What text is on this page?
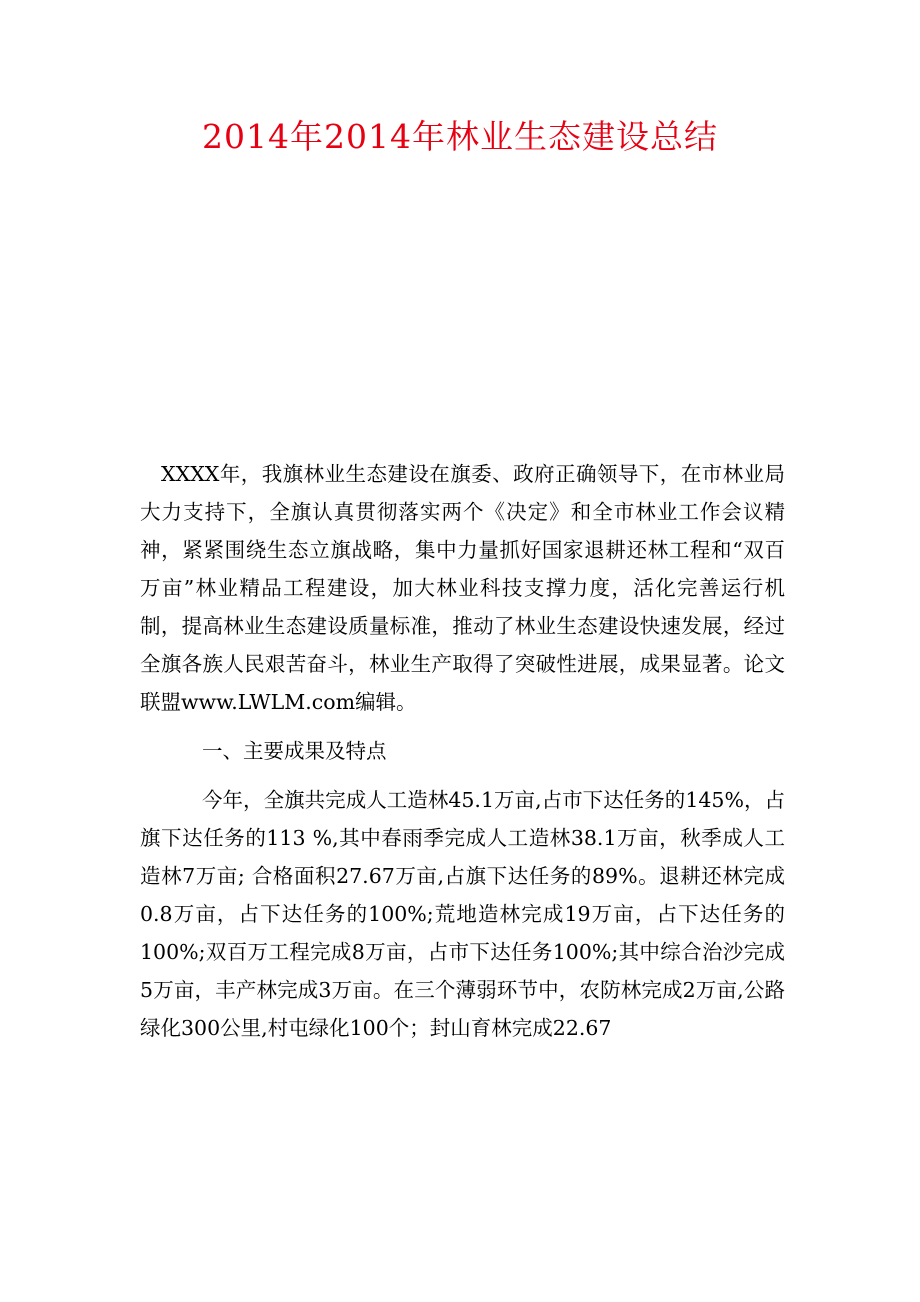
2014年2014年林业生态建设总结

XXXX年，我旗林业生态建设在旗委、政府正确领导下，在市林业局大力支持下，全旗认真贯彻落实两个《决定》和全市林业工作会议精神，紧紧围绕生态立旗战略，集中力量抓好国家退耕还林工程和“双百万亩”林业精品工程建设，加大林业科技支撑力度，活化完善运行机制，提高林业生态建设质量标准，推动了林业生态建设快速发展，经过全旗各族人民艰苦奋斗，林业生产取得了突破性进展，成果显著。论文联盟www.LWLM.com编辑。

一、主要成果及特点

今年，全旗共完成人工造林45.1万亩,占市下达任务的145%，占旗下达任务的113 %,其中春雨季完成人工造林38.1万亩，秋季成人工造林7万亩; 合格面积27.67万亩,占旗下达任务的89%。退耕还林完成0.8万亩，占下达任务的100%;荒地造林完成19万亩，占下达任务的100%;双百万工程完成8万亩，占市下达任务100%;其中综合治沙完成5万亩，丰产林完成3万亩。在三个薄弱环节中，农防林完成2万亩,公路绿化300公里,村屯绿化100个；封山育林完成22.67
